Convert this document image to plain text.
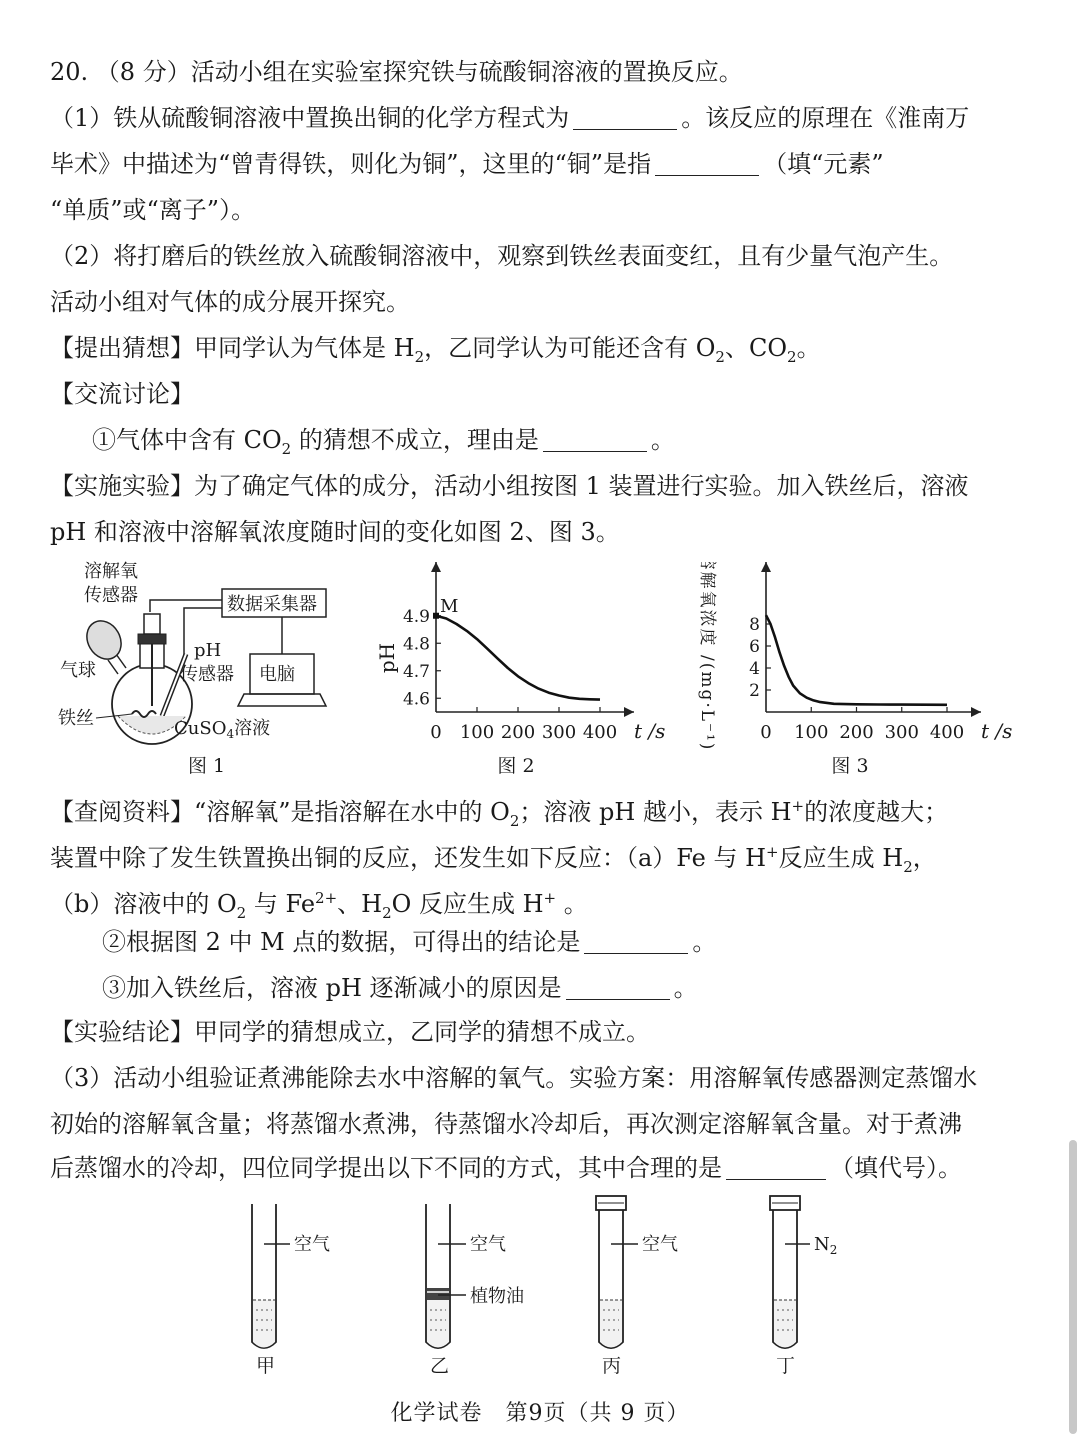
20. （8 分）活动小组在实验室探究铁与硫酸铜溶液的置换反应。
（1）铁从硫酸铜溶液中置换出铜的化学方程式为	。该反应的原理在《淮南万
毕术》中描述为“曾青得铁，则化为铜”，这里的“铜”是指	（填“元素”
“单质”或“离子”）。
（2）将打磨后的铁丝放入硫酸铜溶液中，观察到铁丝表面变红，且有少量气泡产生。
活动小组对气体的成分展开探究。
【提出猜想】甲同学认为气体是 $H_2$，乙同学认为可能还含有 $O_2$、$CO_2$。
【交流讨论】
①气体中含有 $CO_2$ 的猜想不成立，理由是	。
【实施实验】为了确定气体的成分，活动小组按图 1 装置进行实验。加入铁丝后，溶液
pH 和溶液中溶解氧浓度随时间的变化如图 2、图 3。
溶解氧
传感器	数据采集器
电脑
气球
pH
传感器
铁丝	CuSO$_4$溶液
图 1
0 100 200 300 400 t /s
4.6
4.7
4.8
4.9
pH
M
图 2
0 100 200 300 400 t /s
2
4
6
8
溶解氧浓度 /(mg·L⁻¹)
图 3
【查阅资料】“溶解氧”是指溶解在水中的 $O_2$；溶液 pH 越小，表示 H+的浓度越大；
装置中除了发生铁置换出铜的反应，还发生如下反应：（a）Fe 与 H+反应生成 $H_2$，
（b）溶液中的 $O_2$ 与 $Fe^{2+}$、$H_2O$ 反应生成 H+ 。
②根据图 2 中 M 点的数据，可得出的结论是	。
③加入铁丝后，溶液 pH 逐渐减小的原因是	。
【实验结论】甲同学的猜想成立，乙同学的猜想不成立。
（3）活动小组验证煮沸能除去水中溶解的氧气。实验方案：用溶解氧传感器测定蒸馏水
初始的溶解氧含量；将蒸馏水煮沸，待蒸馏水冷却后，再次测定溶解氧含量。对于煮沸
后蒸馏水的冷却，四位同学提出以下不同的方式，其中合理的是	（填代号）。
空气
甲
空气
植物油
乙
空气
丙
$N_2$
丁
化学试卷　第9页（共 9 页）
